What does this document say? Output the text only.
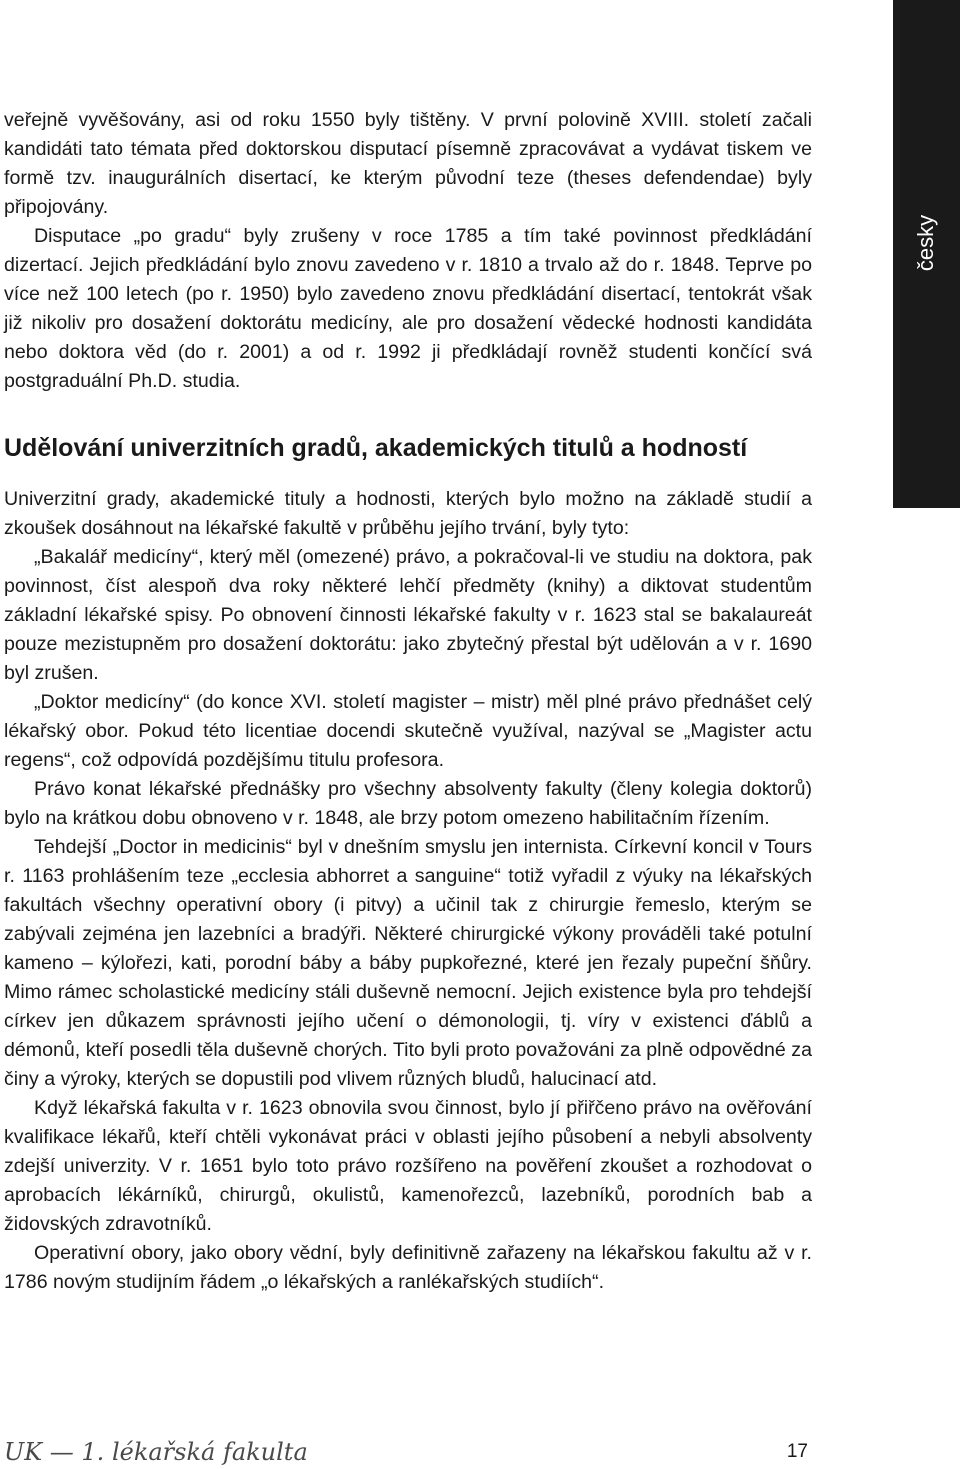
česky

veřejně vyvěšovány, asi od roku 1550 byly tištěny. V první polovině XVIII. století začali kandidáti tato témata před doktorskou disputací písemně zpracovávat a vydávat tiskem ve formě tzv. inaugurálních disertací, ke kterým původní teze (theses defendendae) byly připojovány.

Disputace „po gradu“ byly zrušeny v roce 1785 a tím také povinnost předkládání dizertací. Jejich předkládání bylo znovu zavedeno v r. 1810 a trvalo až do r. 1848. Teprve po více než 100 letech (po r. 1950) bylo zavedeno znovu předkládání disertací, tentokrát však již nikoliv pro dosažení doktorátu medicíny, ale pro dosažení vědecké hodnosti kandidáta nebo doktora věd (do r. 2001) a od r. 1992 ji předkládají rovněž studenti končící svá postgraduální Ph.D. studia.

Udělování univerzitních gradů, akademických titulů a hodností

Univerzitní grady, akademické tituly a hodnosti, kterých bylo možno na základě studií a zkoušek dosáhnout na lékařské fakultě v průběhu jejího trvání, byly tyto:

„Bakalář medicíny“, který měl (omezené) právo, a pokračoval-li ve studiu na doktora, pak povinnost, číst alespoň dva roky některé lehčí předměty (knihy) a diktovat studentům základní lékařské spisy. Po obnovení činnosti lékařské fakulty v r. 1623 stal se bakalaureát pouze mezistupněm pro dosažení doktorátu: jako zbytečný přestal být udělován a v r. 1690 byl zrušen.

„Doktor medicíny“ (do konce XVI. století magister – mistr) měl plné právo přednášet celý lékařský obor. Pokud této licentiae docendi skutečně využíval, nazýval se „Magister actu regens“, což odpovídá pozdějšímu titulu profesora.

Právo konat lékařské přednášky pro všechny absolventy fakulty (členy kolegia doktorů) bylo na krátkou dobu obnoveno v r. 1848, ale brzy potom omezeno habilitačním řízením.

Tehdejší „Doctor in medicinis“ byl v dnešním smyslu jen internista. Církevní koncil v Tours r. 1163 prohlášením teze „ecclesia abhorret a sanguine“ totiž vyřadil z výuky na lékařských fakultách všechny operativní obory (i pitvy) a učinil tak z chirurgie řemeslo, kterým se zabývali zejména jen lazebníci a bradýři. Některé chirurgické výkony prováděli také potulní kameno – kýlořezi, kati, porodní báby a báby pupkořezné, které jen řezaly pupeční šňůry. Mimo rámec scholastické medicíny stáli duševně nemocní. Jejich existence byla pro tehdejší církev jen důkazem správnosti jejího učení o démonologii, tj. víry v existenci ďáblů a démonů, kteří posedli těla duševně chorých. Tito byli proto považováni za plně odpovědné za činy a výroky, kterých se dopustili pod vlivem různých bludů, halucinací atd.

Když lékařská fakulta v r. 1623 obnovila svou činnost, bylo jí přiřčeno právo na ověřování kvalifikace lékařů, kteří chtěli vykonávat práci v oblasti jejího působení a nebyli absolventy zdejší univerzity. V r. 1651 bylo toto právo rozšířeno na pověření zkoušet a rozhodovat o aprobacích lékárníků, chirurgů, okulistů, kamenořezců, lazebníků, porodních bab a židovských zdravotníků.

Operativní obory, jako obory vědní, byly definitivně zařazeny na lékařskou fakultu až v r. 1786 novým studijním řádem „o lékařských a ranlékařských studiích“.

UK — 1. lékařská fakulta	17
